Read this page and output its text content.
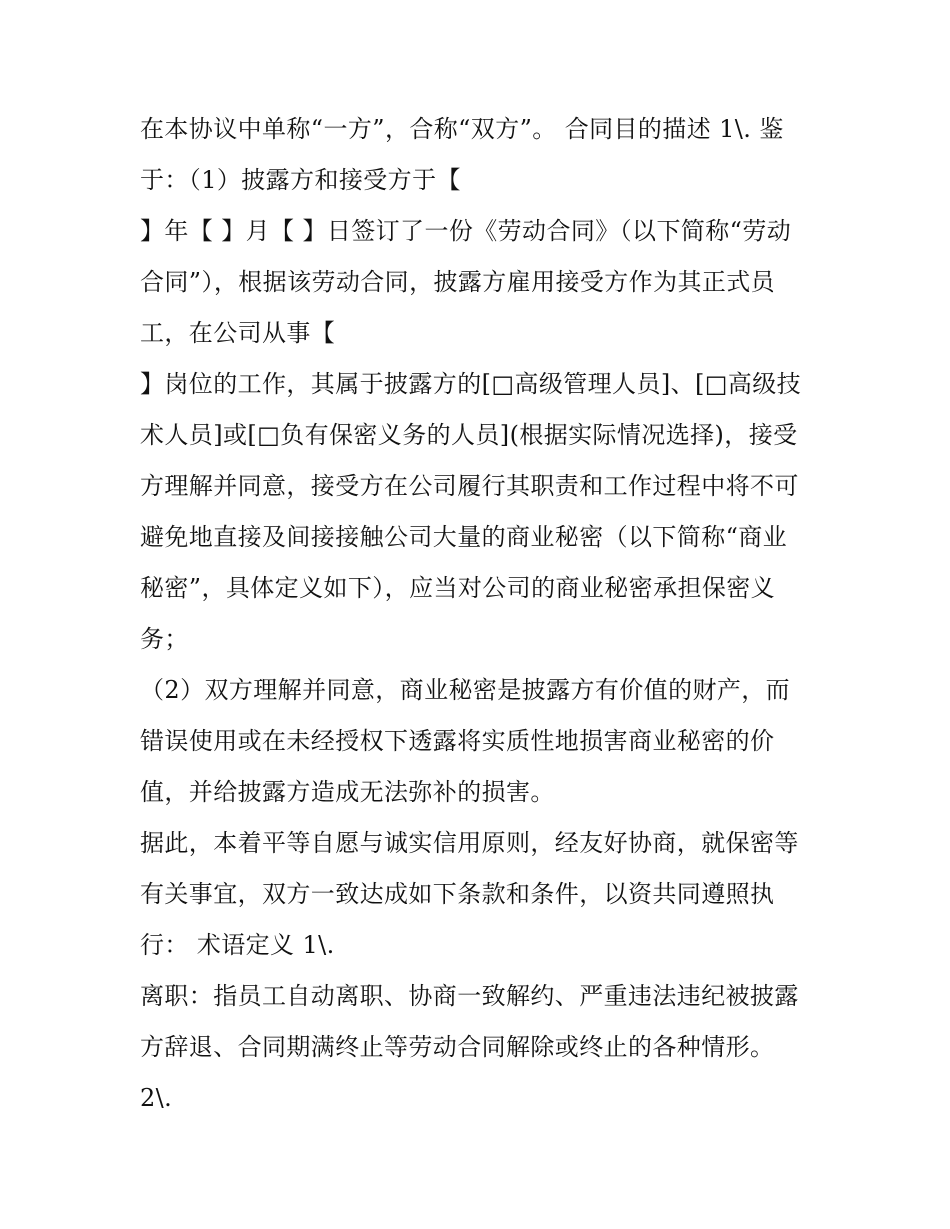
在本协议中单称“一方”，合称“双方”。 合同目的描述 1\. 鉴
于：（1）披露方和接受方于【
】年【 】月【 】日签订了一份《劳动合同》（以下简称“劳动
合同”），根据该劳动合同，披露方雇用接受方作为其正式员
工，在公司从事【
】岗位的工作，其属于披露方的[□高级管理人员]、[□高级技
术人员]或[□负有保密义务的人员](根据实际情况选择)，接受
方理解并同意，接受方在公司履行其职责和工作过程中将不可
避免地直接及间接接触公司大量的商业秘密（以下简称“商业
秘密”，具体定义如下），应当对公司的商业秘密承担保密义
务；
（2）双方理解并同意，商业秘密是披露方有价值的财产，而
错误使用或在未经授权下透露将实质性地损害商业秘密的价
值，并给披露方造成无法弥补的损害。
据此，本着平等自愿与诚实信用原则，经友好协商，就保密等
有关事宜，双方一致达成如下条款和条件，以资共同遵照执
行： 术语定义 1\.
离职：指员工自动离职、协商一致解约、严重违法违纪被披露
方辞退、合同期满终止等劳动合同解除或终止的各种情形。
2\.
